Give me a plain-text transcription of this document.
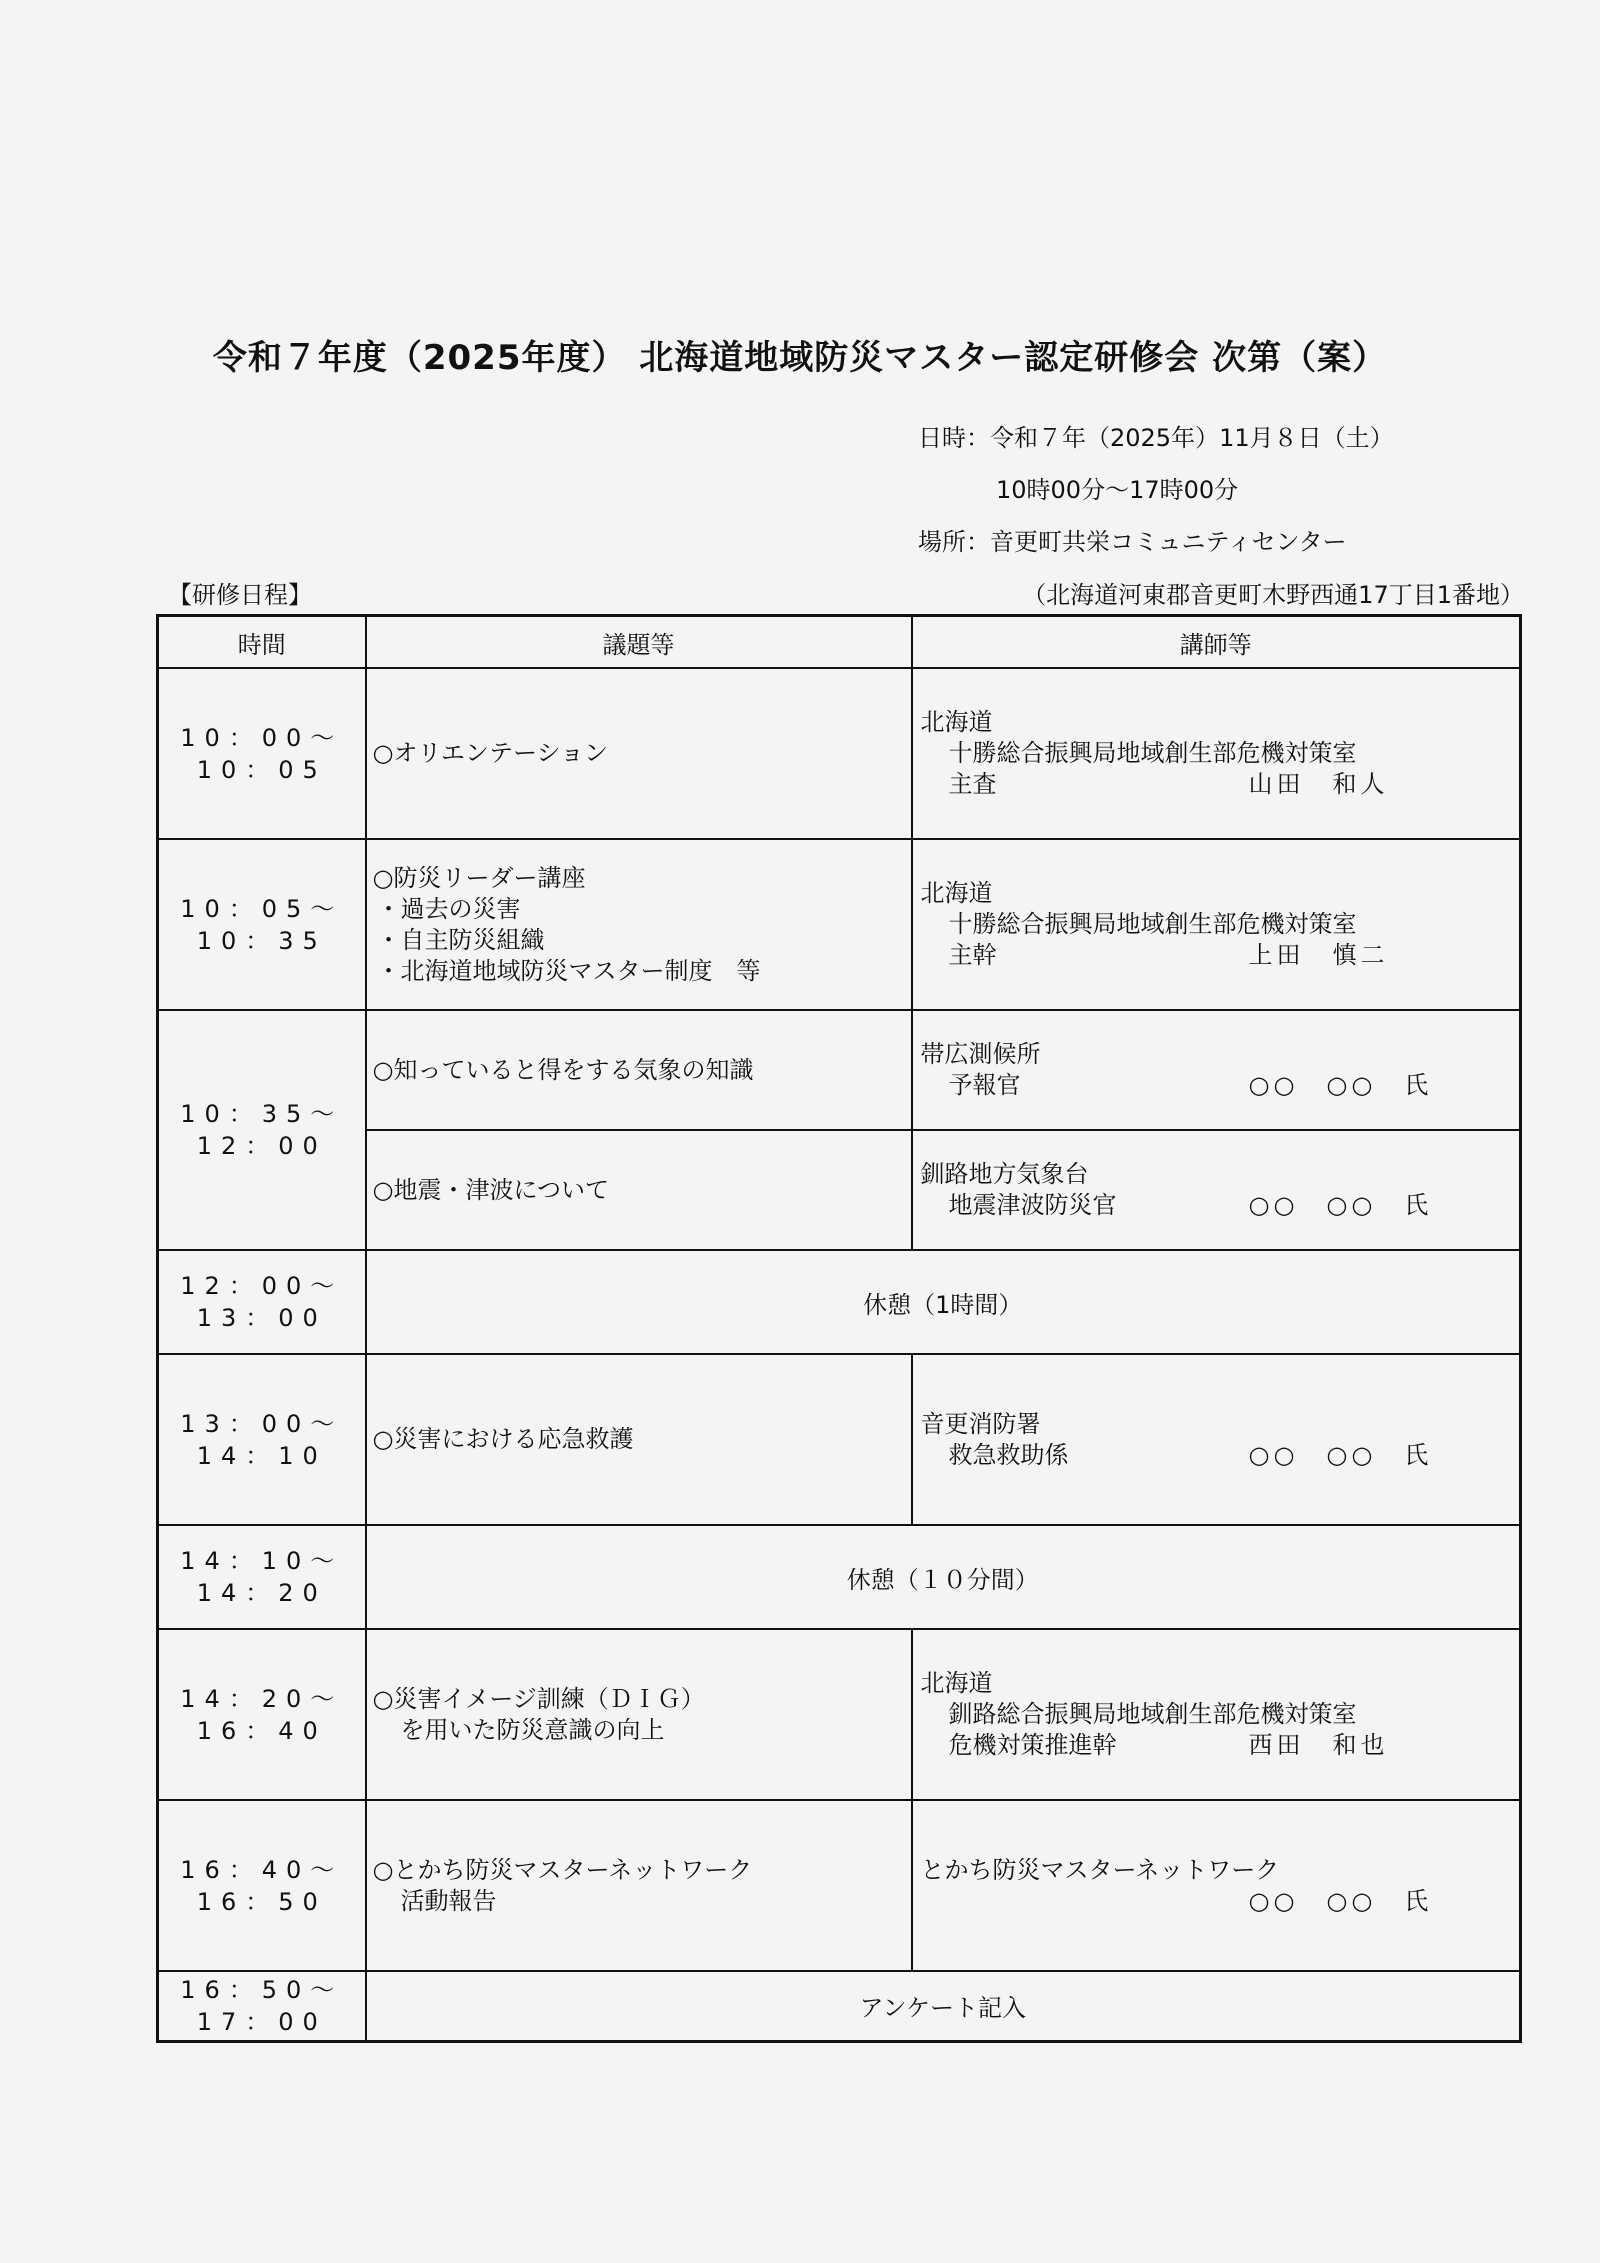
令和７年度（2025年度） 北海道地域防災マスター認定研修会 次第（案）
日時：令和７年（2025年）11月８日（土）
10時00分～17時00分
場所：音更町共栄コミュニティセンター
【研修日程】	（北海道河東郡音更町木野西通17丁目1番地）
時間	議題等	講師等

10：00～
10：05	○オリエンテーション	北海道
十勝総合振興局地域創生部危機対策室
主査 山田　和人

10：05～
10：35	○防災リーダー講座
・過去の災害
・自主防災組織
・北海道地域防災マスター制度　等	北海道
十勝総合振興局地域創生部危機対策室
主幹 上田　慎二

10：35～
12：00	○知っていると得をする気象の知識	帯広測候所
予報官 ○○　○○　氏

	○地震・津波について	釧路地方気象台
地震津波防災官 ○○　○○　氏

12：00～
13：00	休憩（1時間）	

13：00～
14：10	○災害における応急救護	音更消防署
救急救助係 ○○　○○　氏

14：10～
14：20	休憩（１０分間）	

14：20～
16：40	○災害イメージ訓練（ＤＩＧ）
を用いた防災意識の向上	北海道
釧路総合振興局地域創生部危機対策室
危機対策推進幹 西田　和也

16：40～
16：50	○とかち防災マスターネットワーク
活動報告	とかち防災マスターネットワーク
○○　○○　氏

16：50～
17：00	アンケート記入	
